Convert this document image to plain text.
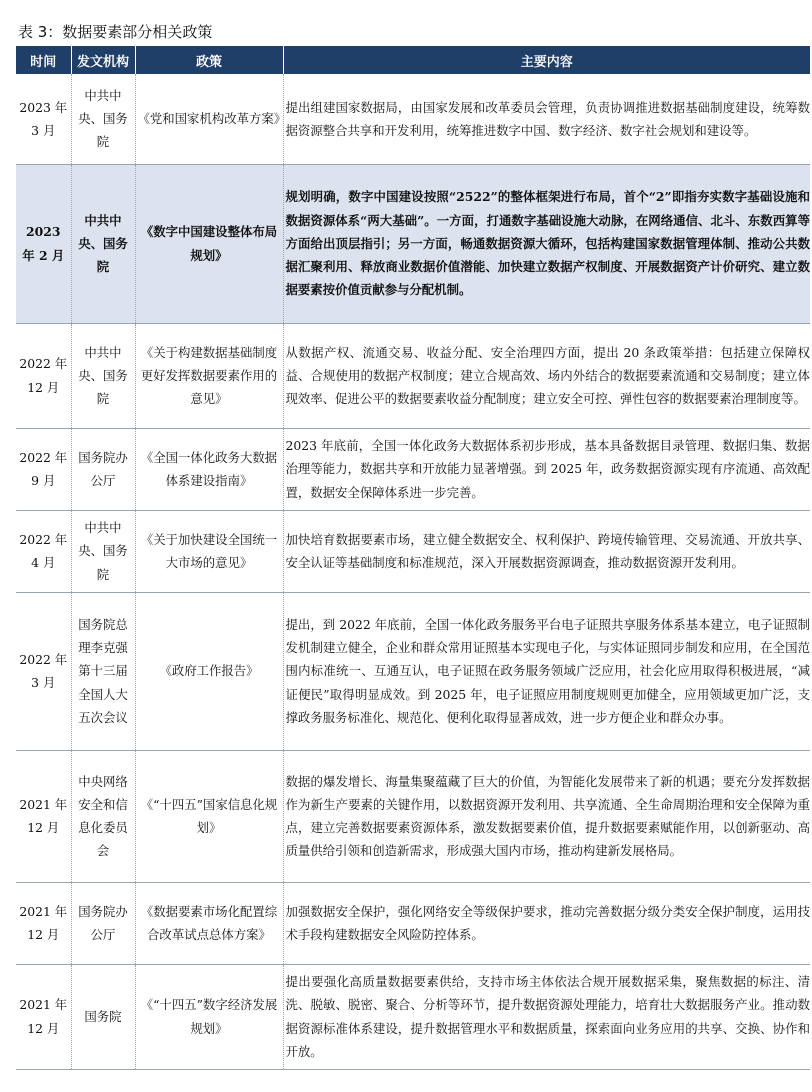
表 3：数据要素部分相关政策
时间	发文机构	政策	主要内容
2023 年 3 月	中共中央、国务院	《党和国家机构改革方案》	提出组建国家数据局，由国家发展和改革委员会管理，负责协调推进数据基础制度建设，统筹数据资源整合共享和开发利用，统筹推进数字中国、数字经济、数字社会规划和建设等。
2023 年 2 月	中共中央、国务院	《数字中国建设整体布局规划》	规划明确，数字中国建设按照“2522”的整体框架进行布局，首个“2”即指夯实数字基础设施和数据资源体系“两大基础”。一方面，打通数字基础设施大动脉，在网络通信、北斗、东数西算等方面给出顶层指引；另一方面，畅通数据资源大循环，包括构建国家数据管理体制、推动公共数据汇聚利用、释放商业数据价值潜能、加快建立数据产权制度、开展数据资产计价研究、建立数据要素按价值贡献参与分配机制。
2022 年 12 月	中共中央、国务院	《关于构建数据基础制度更好发挥数据要素作用的意见》	从数据产权、流通交易、收益分配、安全治理四方面，提出 20 条政策举措：包括建立保障权益、合规使用的数据产权制度；建立合规高效、场内外结合的数据要素流通和交易制度；建立体现效率、促进公平的数据要素收益分配制度；建立安全可控、弹性包容的数据要素治理制度等。
2022 年 9 月	国务院办公厅	《全国一体化政务大数据体系建设指南》	2023 年底前，全国一体化政务大数据体系初步形成，基本具备数据目录管理、数据归集、数据治理等能力，数据共享和开放能力显著增强。到 2025 年，政务数据资源实现有序流通、高效配置，数据安全保障体系进一步完善。
2022 年 4 月	中共中央、国务院	《关于加快建设全国统一大市场的意见》	加快培育数据要素市场，建立健全数据安全、权利保护、跨境传输管理、交易流通、开放共享、安全认证等基础制度和标准规范，深入开展数据资源调查，推动数据资源开发利用。
2022 年 3 月	国务院总理李克强第十三届全国人大五次会议	《政府工作报告》	提出，到 2022 年底前，全国一体化政务服务平台电子证照共享服务体系基本建立，电子证照制发机制建立健全，企业和群众常用证照基本实现电子化，与实体证照同步制发和应用，在全国范围内标准统一、互通互认，电子证照在政务服务领域广泛应用，社会化应用取得积极进展，“减证便民”取得明显成效。到 2025 年，电子证照应用制度规则更加健全，应用领域更加广泛，支撑政务服务标准化、规范化、便利化取得显著成效，进一步方便企业和群众办事。
2021 年 12 月	中央网络安全和信息化委员会	《“十四五”国家信息化规划》	数据的爆发增长、海量集聚蕴藏了巨大的价值，为智能化发展带来了新的机遇；要充分发挥数据作为新生产要素的关键作用，以数据资源开发利用、共享流通、全生命周期治理和安全保障为重点，建立完善数据要素资源体系，激发数据要素价值，提升数据要素赋能作用，以创新驱动、高质量供给引领和创造新需求，形成强大国内市场，推动构建新发展格局。
2021 年 12 月	国务院办公厅	《数据要素市场化配置综合改革试点总体方案》	加强数据安全保护，强化网络安全等级保护要求，推动完善数据分级分类安全保护制度，运用技术手段构建数据安全风险防控体系。
2021 年 12 月	国务院	《“十四五”数字经济发展规划》	提出要强化高质量数据要素供给，支持市场主体依法合规开展数据采集，聚焦数据的标注、清洗、脱敏、脱密、聚合、分析等环节，提升数据资源处理能力，培育壮大数据服务产业。推动数据资源标准体系建设，提升数据管理水平和数据质量，探索面向业务应用的共享、交换、协作和开放。
